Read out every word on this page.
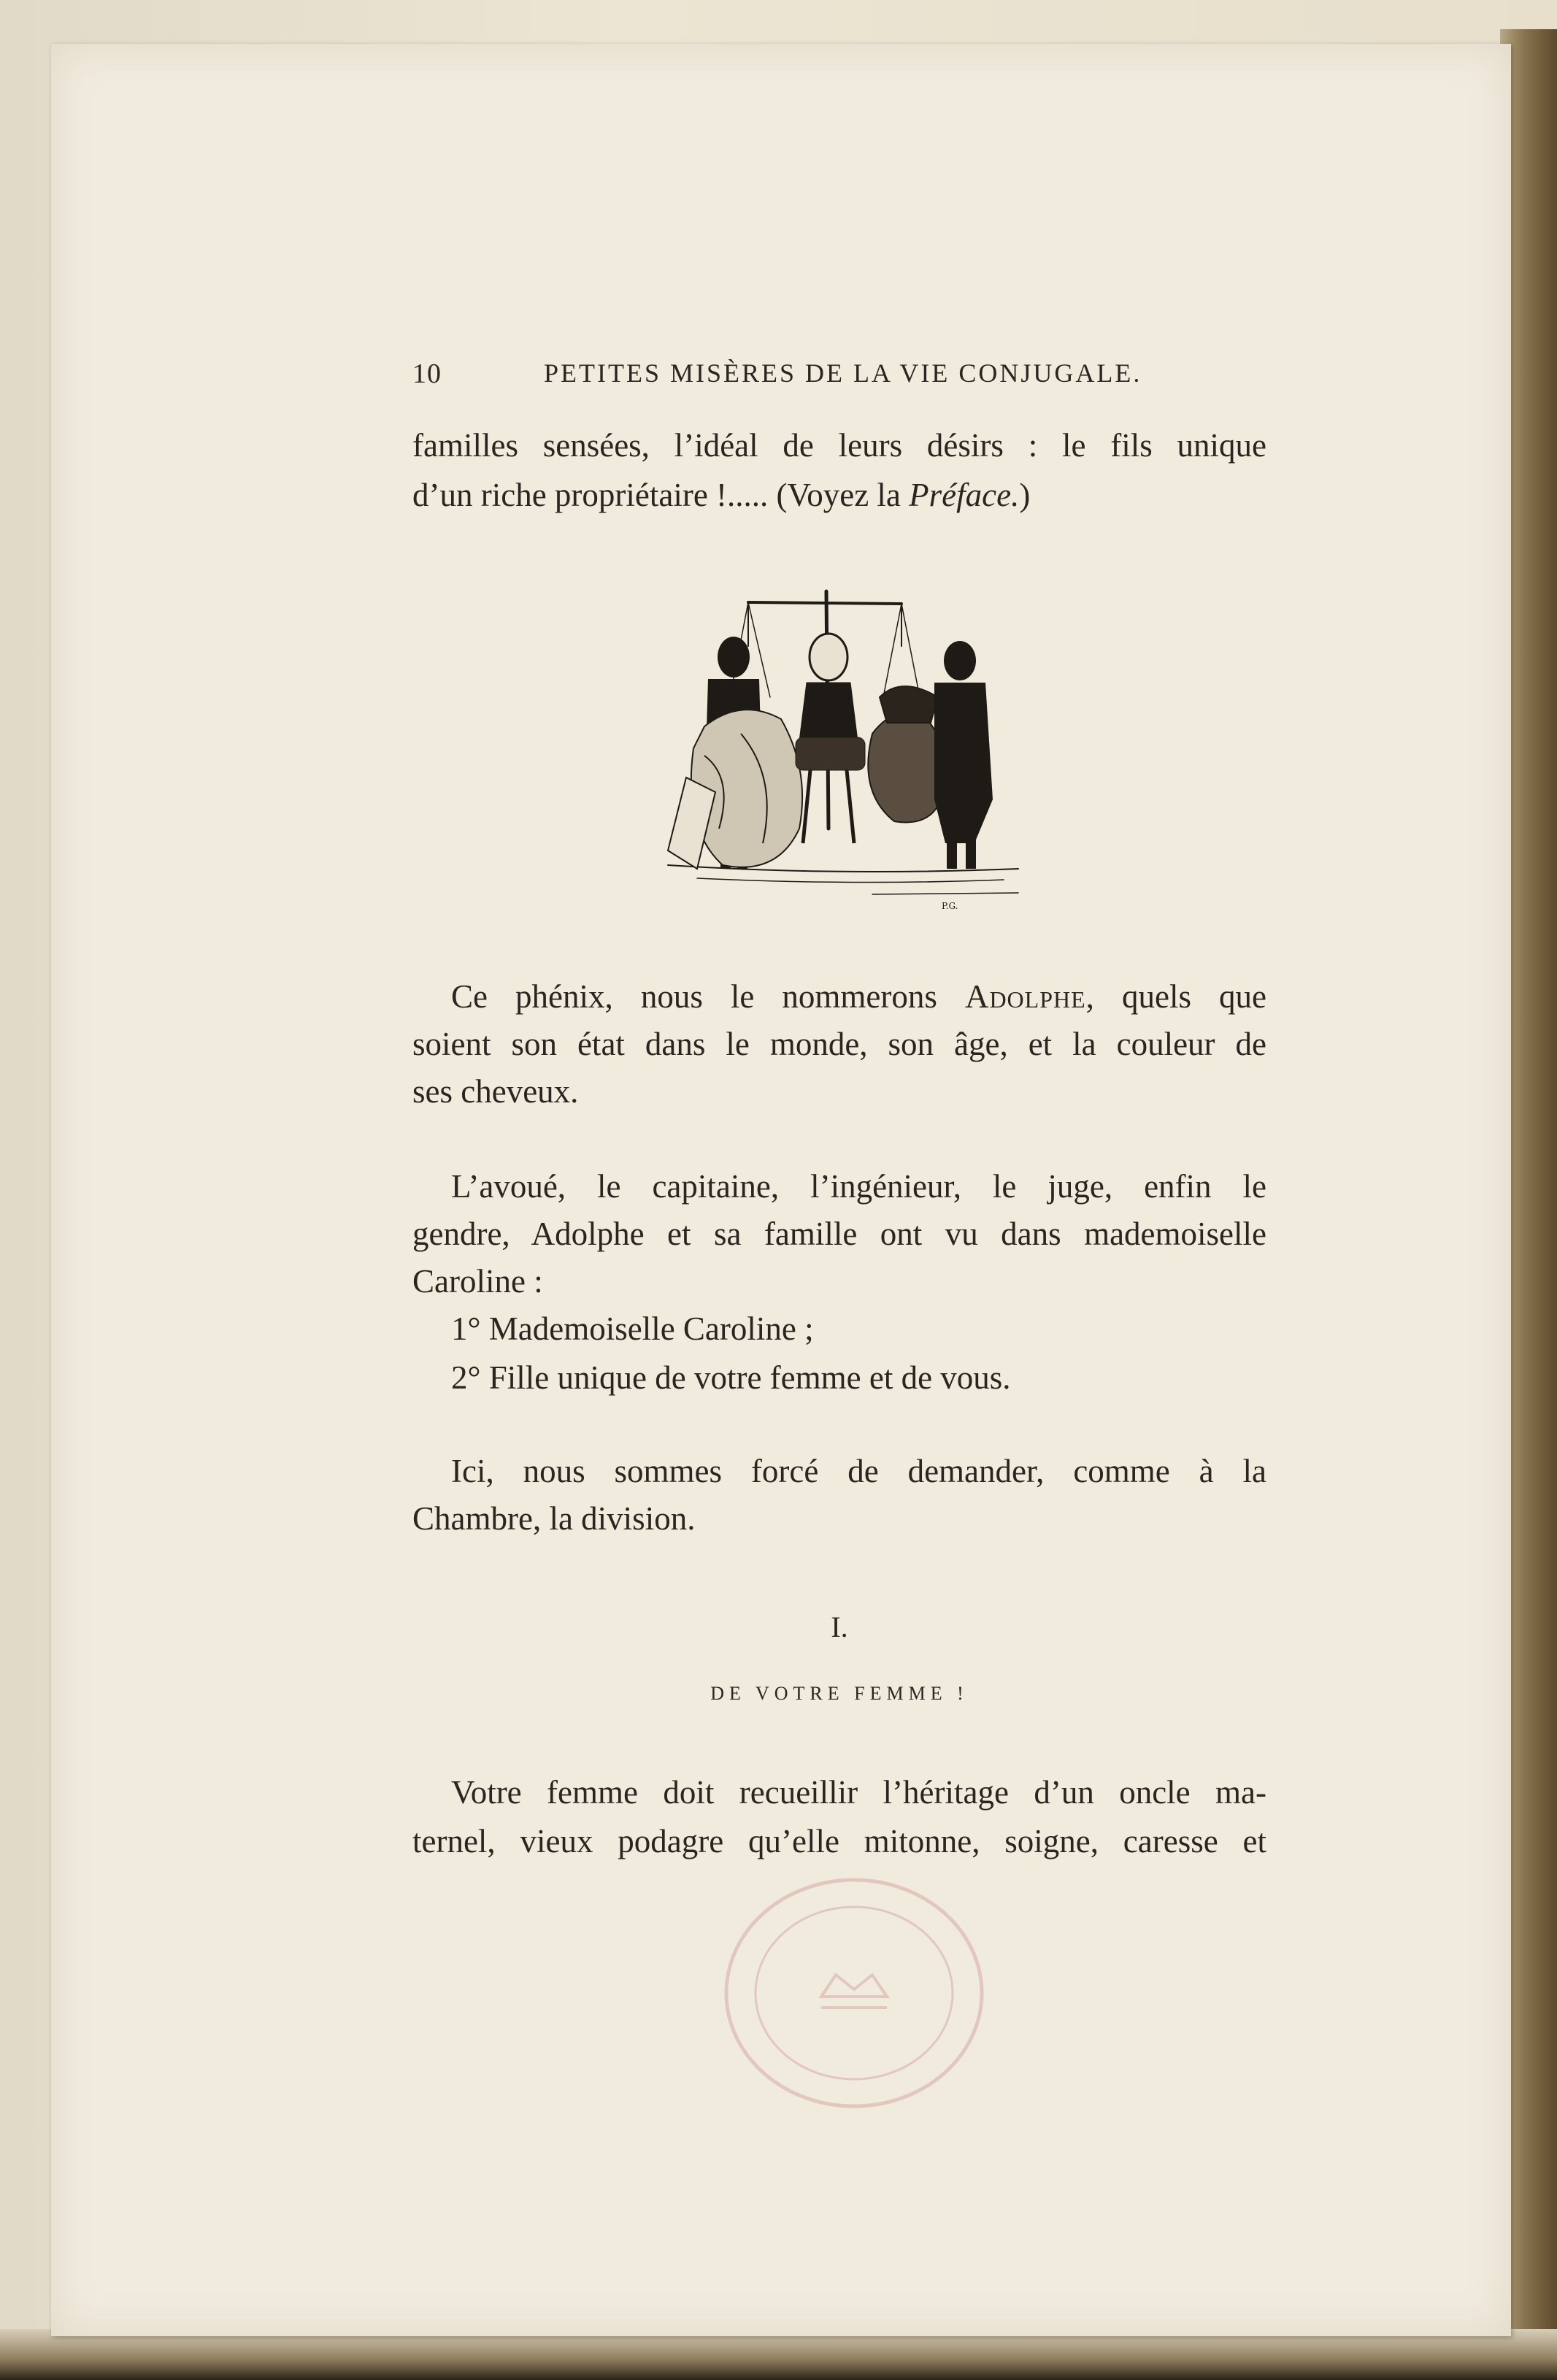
10	PETITES MISÈRES DE LA VIE CONJUGALE.
familles sensées, l’idéal de leurs désirs : le fils unique
d’un riche propriétaire !..... (Voyez la Préface.)
P.G.
Ce phénix, nous le nommerons Adolphe, quels que
soient son état dans le monde, son âge, et la couleur de
ses cheveux.
L’avoué, le capitaine, l’ingénieur, le juge, enfin le
gendre, Adolphe et sa famille ont vu dans mademoiselle
Caroline :
1° Mademoiselle Caroline ;
2° Fille unique de votre femme et de vous.
Ici, nous sommes forcé de demander, comme à la
Chambre, la division.
I.
DE VOTRE FEMME !
Votre femme doit recueillir l’héritage d’un oncle ma-
ternel, vieux podagre qu’elle mitonne, soigne, caresse et
